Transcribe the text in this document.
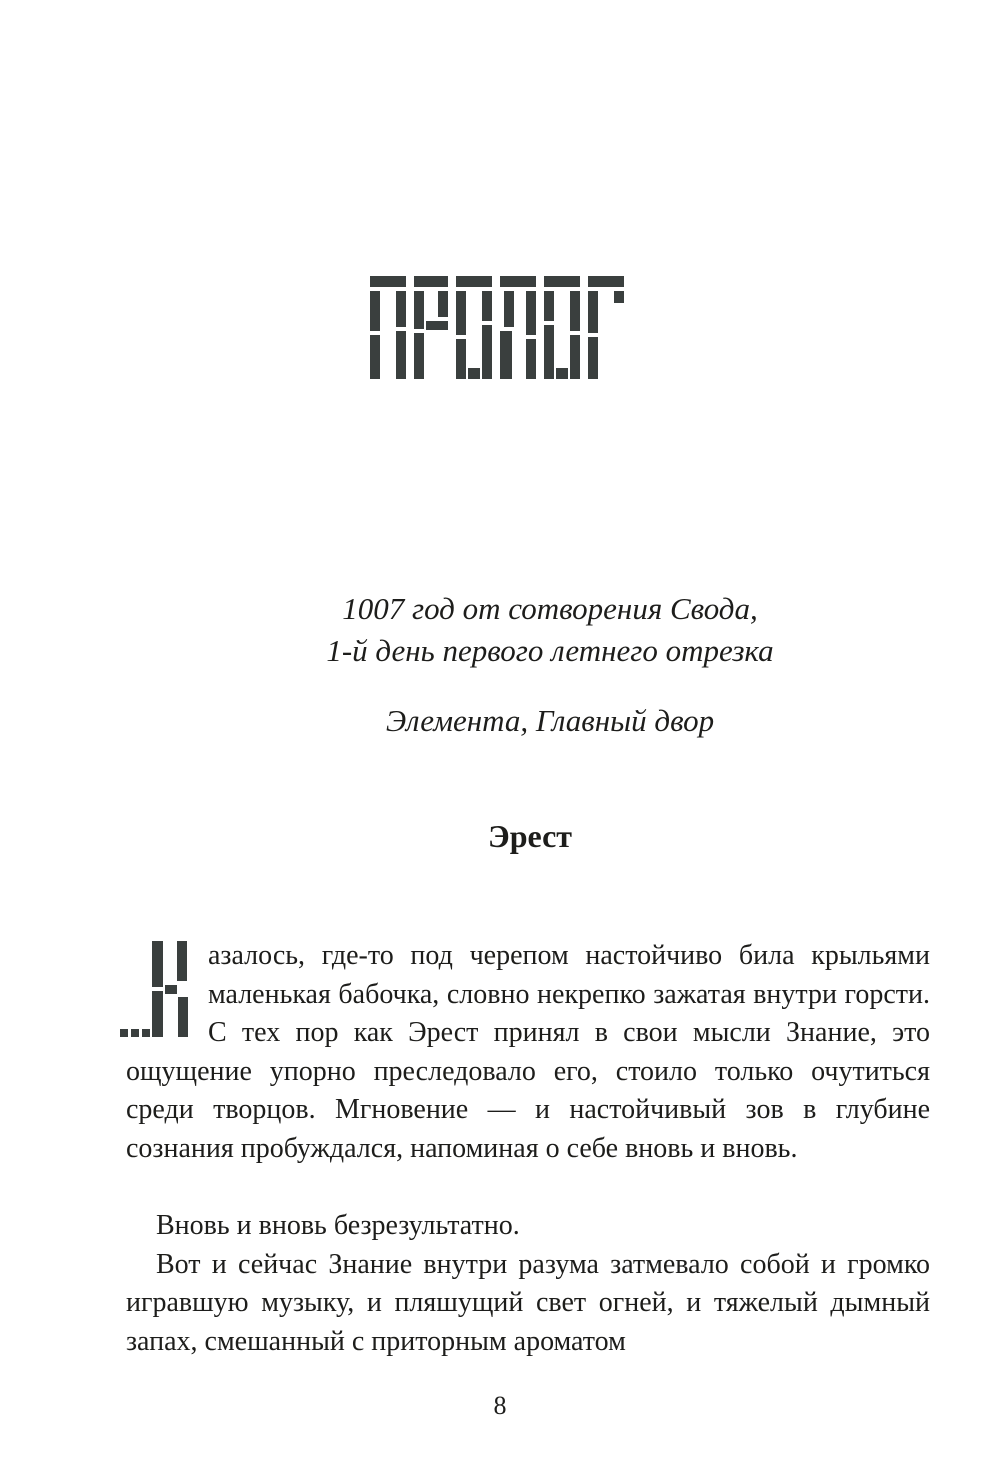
1007 год от сотворения Свода,
1-й день первого летнего отрезка

Элемента, Главный двор

Эрест

азалось, где-то под черепом настойчиво била крыльями маленькая бабочка, словно некрепко зажатая внутри горсти. С тех пор как Эрест принял в свои мысли Знание, это ощущение упорно преследовало его, стоило только очутиться среди творцов. Мгновение — и настойчивый зов в глубине сознания пробуждался, напоминая о себе вновь и вновь.

Вновь и вновь безрезультатно.

Вот и сейчас Знание внутри разума затмевало собой и громко игравшую музыку, и пляшущий свет огней, и тяжелый дымный запах, смешанный с приторным ароматом

8
